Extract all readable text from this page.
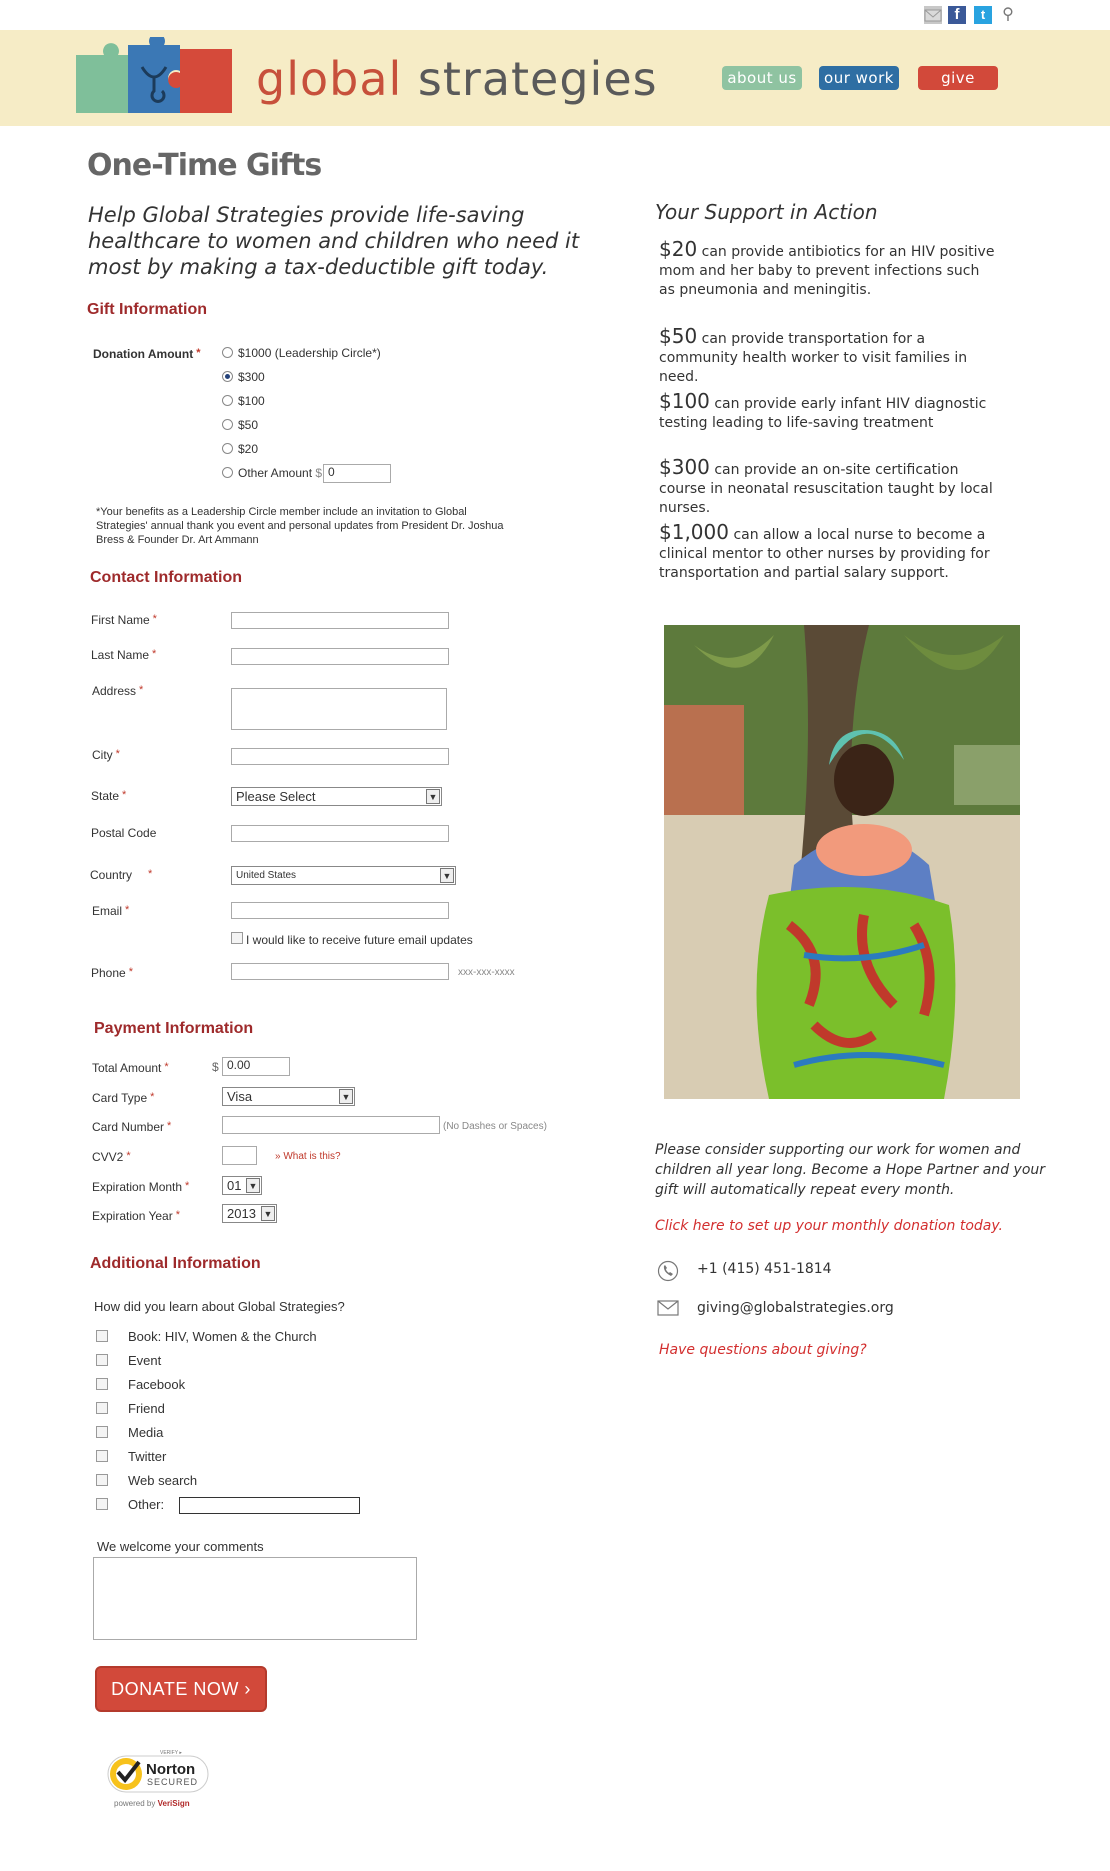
f	t	⚲
global strategies	about us	our work	give
One-Time Gifts
Help Global Strategies provide life-saving healthcare to women and children who need it most by making a tax-deductible gift today.
Gift Information
Donation Amount *	$1000 (Leadership Circle*)
$300
$100
$50
$20
Other Amount $ 0
*Your benefits as a Leadership Circle member include an invitation to Global Strategies' annual thank you event and personal updates from President Dr. Joshua Bress & Founder Dr. Art Ammann
Contact Information
First Name *
Last Name *
Address *
City *
State *	Please Select	▼
Postal Code
Country *	United States	▼
Email *
I would like to receive future email updates
Phone *	xxx-xxx-xxxx
Payment Information
Total Amount *	$ 0.00
Card Type *	Visa	▼
Card Number *	(No Dashes or Spaces)
CVV2 *	» What is this?
Expiration Month *	01 ▼
Expiration Year *	2013 ▼
Additional Information
How did you learn about Global Strategies?
Book: HIV, Women & the Church
Event
Facebook
Friend
Media
Twitter
Web search
Other:
We welcome your comments
DONATE NOW ›
VERIFY ▸
Norton
SECURED
powered by VeriSign
Your Support in Action
$20 can provide antibiotics for an HIV positive mom and her baby to prevent infections such as pneumonia and meningitis.
$50 can provide transportation for a community health worker to visit families in need.
$100 can provide early infant HIV diagnostic testing leading to life-saving treatment
$300 can provide an on-site certification course in neonatal resuscitation taught by local nurses.
$1,000 can allow a local nurse to become a clinical mentor to other nurses by providing for transportation and partial salary support.
Please consider supporting our work for women and children all year long. Become a Hope Partner and your gift will automatically repeat every month.
Click here to set up your monthly donation today.
+1 (415) 451-1814
giving@globalstrategies.org
Have questions about giving?
